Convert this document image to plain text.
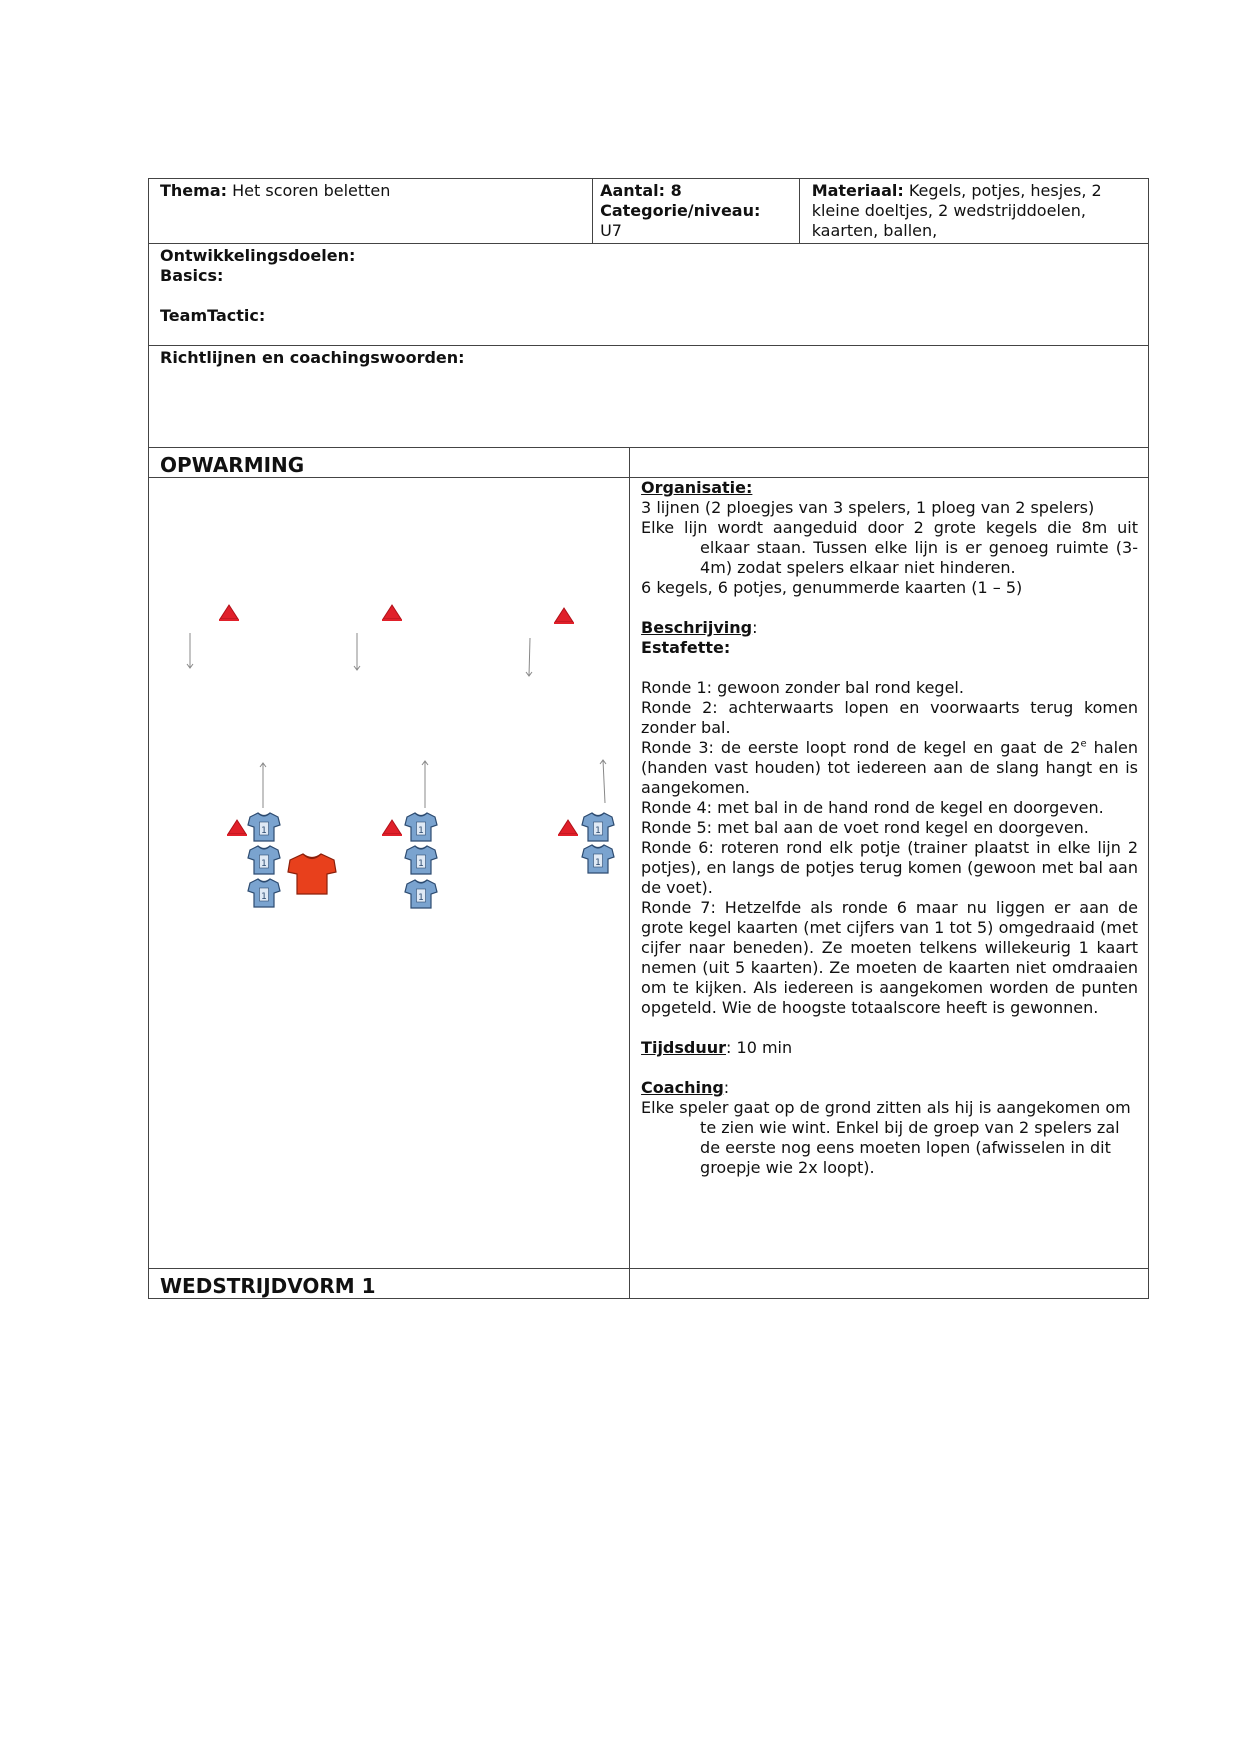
Thema: Het scoren beletten	Aantal: 8
Categorie/niveau:
U7
Materiaal: Kegels, potjes, hesjes, 2 kleine doeltjes, 2 wedstrijddoelen, kaarten, ballen,
Ontwikkelingsdoelen:
Basics:
TeamTactic:
Richtlijnen en coachingswoorden:
OPWARMING
1
1
1
1
1
1
1
1

Organisatie:

3 lijnen (2 ploegjes van 3 spelers, 1 ploeg van 2 spelers)

Elke lijn wordt aangeduid door 2 grote kegels die 8m uit elkaar staan. Tussen elke lijn is er genoeg ruimte (3-4m) zodat spelers elkaar niet hinderen.

6 kegels, 6 potjes, genummerde kaarten (1 – 5)

Beschrijving:

Estafette:

Ronde 1: gewoon zonder bal rond kegel.

Ronde 2: achterwaarts lopen en voorwaarts terug komen zonder bal.

Ronde 3: de eerste loopt rond de kegel en gaat de 2e halen (handen vast houden) tot iedereen aan de slang hangt en is aangekomen.

Ronde 4: met bal in de hand rond de kegel en doorgeven.

Ronde 5: met bal aan de voet rond kegel en doorgeven.

Ronde 6: roteren rond elk potje (trainer plaatst in elke lijn 2 potjes), en langs de potjes terug komen (gewoon met bal aan de voet).

Ronde 7: Hetzelfde als ronde 6 maar nu liggen er aan de grote kegel kaarten (met cijfers van 1 tot 5) omgedraaid (met cijfer naar beneden). Ze moeten telkens willekeurig 1 kaart nemen (uit 5 kaarten). Ze moeten de kaarten niet omdraaien om te kijken. Als iedereen is aangekomen worden de punten opgeteld. Wie de hoogste totaalscore heeft is gewonnen.

Tijdsduur: 10 min

Coaching:

Elke speler gaat op de grond zitten als hij is aangekomen om te zien wie wint. Enkel bij de groep van 2 spelers zal de eerste nog eens moeten lopen (afwisselen in dit groepje wie 2x loopt).

WEDSTRIJDVORM 1
